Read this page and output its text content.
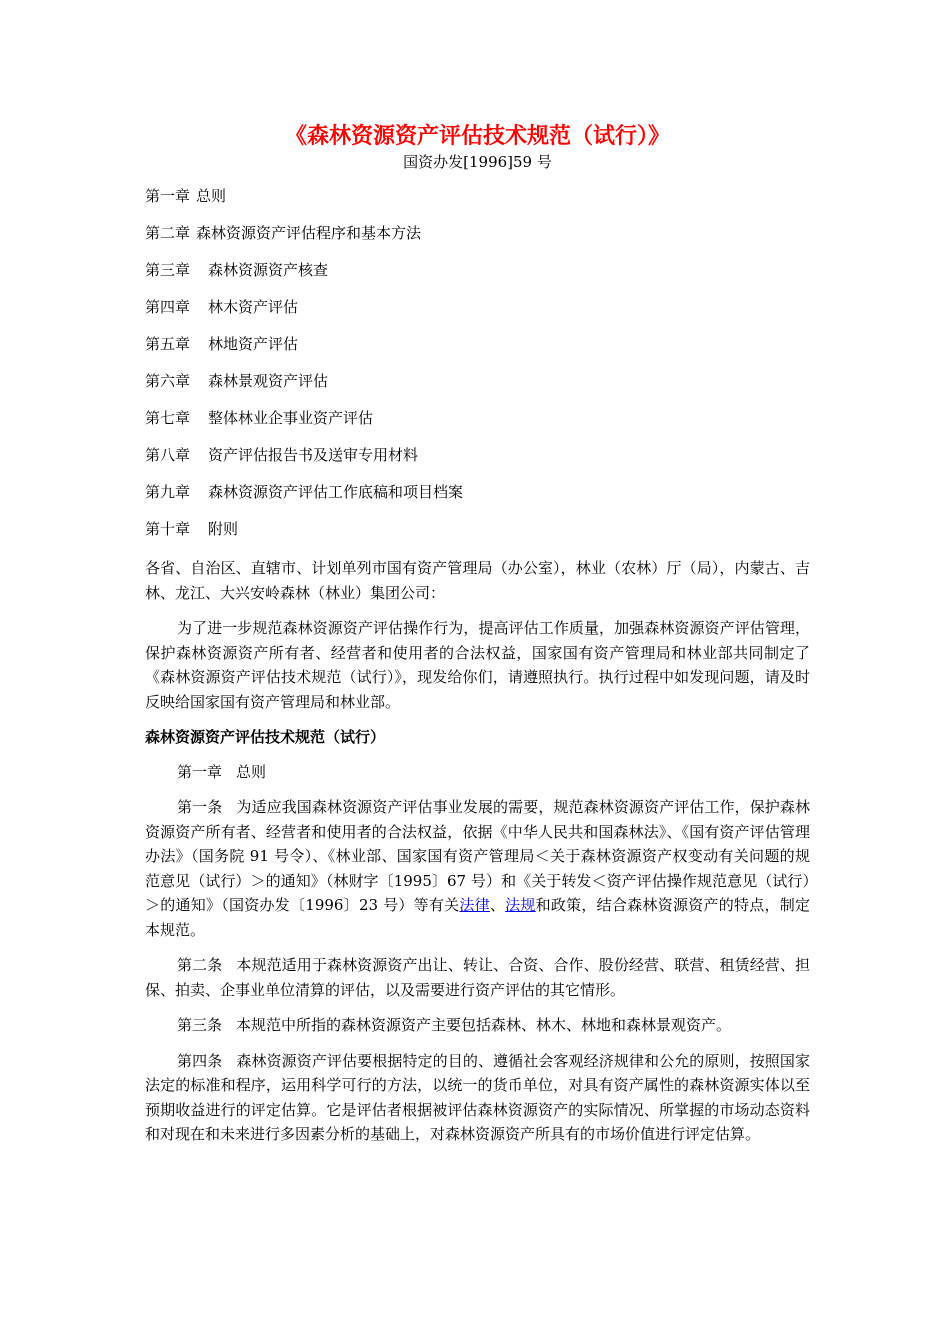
《森林资源资产评估技术规范（试行）》
国资办发[1996]59 号
第一章 总则
第二章 森林资源资产评估程序和基本方法
第三章 森林资源资产核查
第四章 林木资产评估
第五章 林地资产评估
第六章 森林景观资产评估
第七章 整体林业企事业资产评估
第八章 资产评估报告书及送审专用材料
第九章 森林资源资产评估工作底稿和项目档案
第十章 附则

各省、自治区、直辖市、计划单列市国有资产管理局（办公室），林业（农林）厅（局），内蒙古、吉林、龙江、大兴安岭森林（林业）集团公司：

为了进一步规范森林资源资产评估操作行为，提高评估工作质量，加强森林资源资产评估管理，保护森林资源资产所有者、经营者和使用者的合法权益，国家国有资产管理局和林业部共同制定了《森林资源资产评估技术规范（试行）》，现发给你们，请遵照执行。执行过程中如发现问题，请及时反映给国家国有资产管理局和林业部。

森林资源资产评估技术规范（试行）
第一章 总则

第一条 为适应我国森林资源资产评估事业发展的需要，规范森林资源资产评估工作，保护森林资源资产所有者、经营者和使用者的合法权益，依据《中华人民共和国森林法》、《国有资产评估管理办法》（国务院 91 号令）、《林业部、国家国有资产管理局＜关于森林资源资产权变动有关问题的规范意见（试行）＞的通知》（林财字〔1995〕67 号）和《关于转发＜资产评估操作规范意见（试行）＞的通知》（国资办发〔1996〕23 号）等有关法律、法规和政策，结合森林资源资产的特点，制定本规范。

第二条 本规范适用于森林资源资产出让、转让、合资、合作、股份经营、联营、租赁经营、担保、拍卖、企事业单位清算的评估，以及需要进行资产评估的其它情形。

第三条 本规范中所指的森林资源资产主要包括森林、林木、林地和森林景观资产。

第四条 森林资源资产评估要根据特定的目的、遵循社会客观经济规律和公允的原则，按照国家法定的标准和程序，运用科学可行的方法，以统一的货币单位，对具有资产属性的森林资源实体以至预期收益进行的评定估算。它是评估者根据被评估森林资源资产的实际情况、所掌握的市场动态资料和对现在和未来进行多因素分析的基础上，对森林资源资产所具有的市场价值进行评定估算。
